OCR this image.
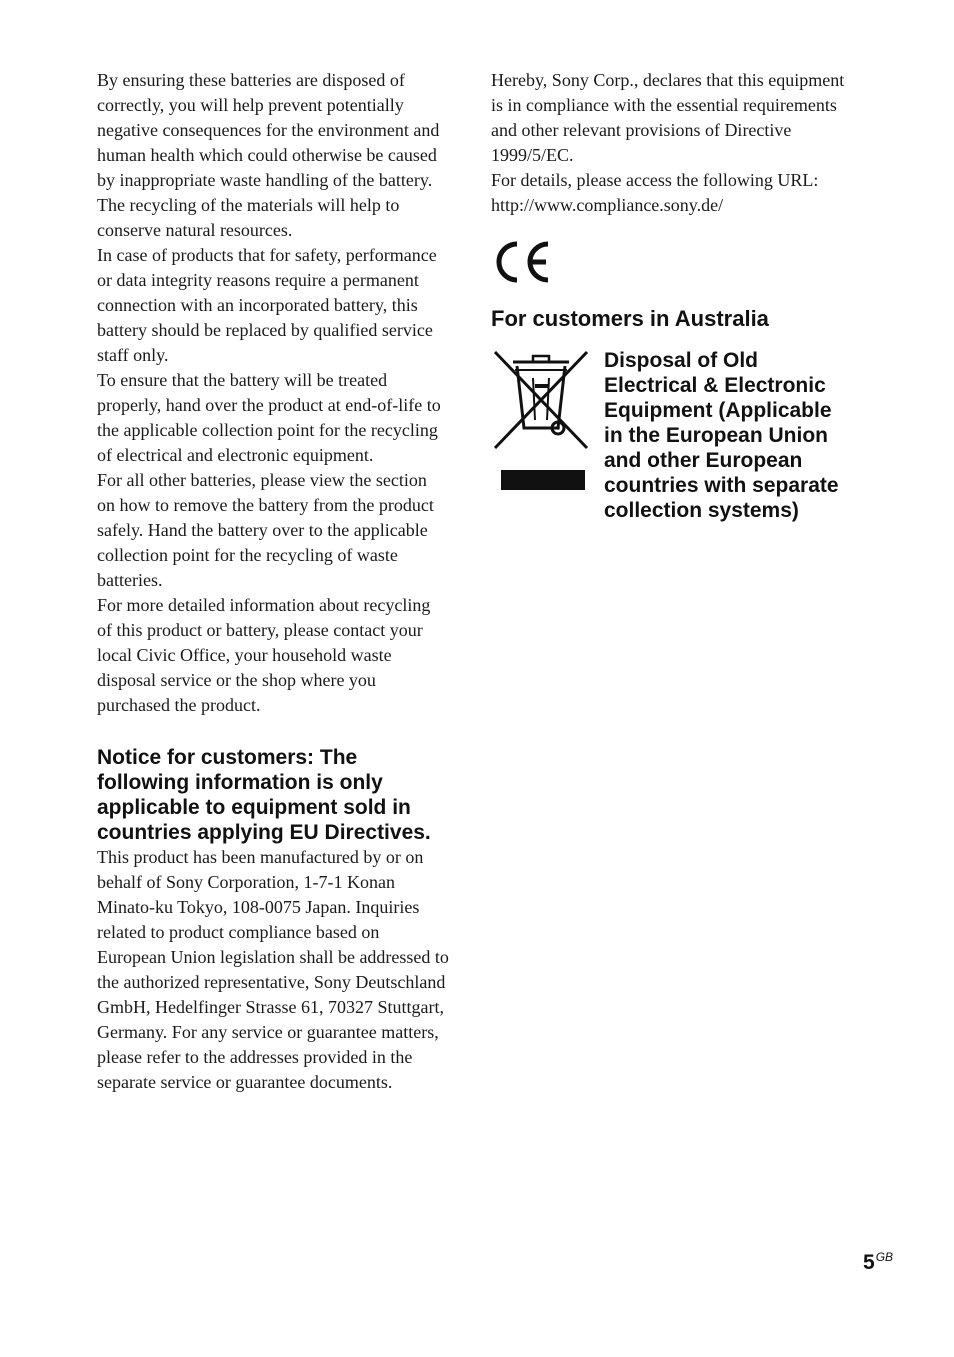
By ensuring these batteries are disposed of correctly, you will help prevent potentially negative consequences for the environment and human health which could otherwise be caused by inappropriate waste handling of the battery. The recycling of the materials will help to conserve natural resources.

In case of products that for safety, performance or data integrity reasons require a permanent connection with an incorporated battery, this battery should be replaced by qualified service staff only.

To ensure that the battery will be treated properly, hand over the product at end-of-life to the applicable collection point for the recycling of electrical and electronic equipment.

For all other batteries, please view the section on how to remove the battery from the product safely. Hand the battery over to the applicable collection point for the recycling of waste batteries.

For more detailed information about recycling of this product or battery, please contact your local Civic Office, your household waste disposal service or the shop where you purchased the product.

Notice for customers: The following information is only applicable to equipment sold in countries applying EU Directives.

This product has been manufactured by or on behalf of Sony Corporation, 1-7-1 Konan Minato-ku Tokyo, 108-0075 Japan. Inquiries related to product compliance based on European Union legislation shall be addressed to the authorized representative, Sony Deutschland GmbH, Hedelfinger Strasse 61, 70327 Stuttgart, Germany. For any service or guarantee matters, please refer to the addresses provided in the separate service or guarantee documents.

Hereby, Sony Corp., declares that this equipment is in compliance with the essential requirements and other relevant provisions of Directive 1999/5/EC.

For details, please access the following URL:

http://www.compliance.sony.de/

For customers in Australia
Disposal of Old Electrical & Electronic Equipment (Applicable in the European Union and other European countries with separate collection systems)
$5^{GB}$
